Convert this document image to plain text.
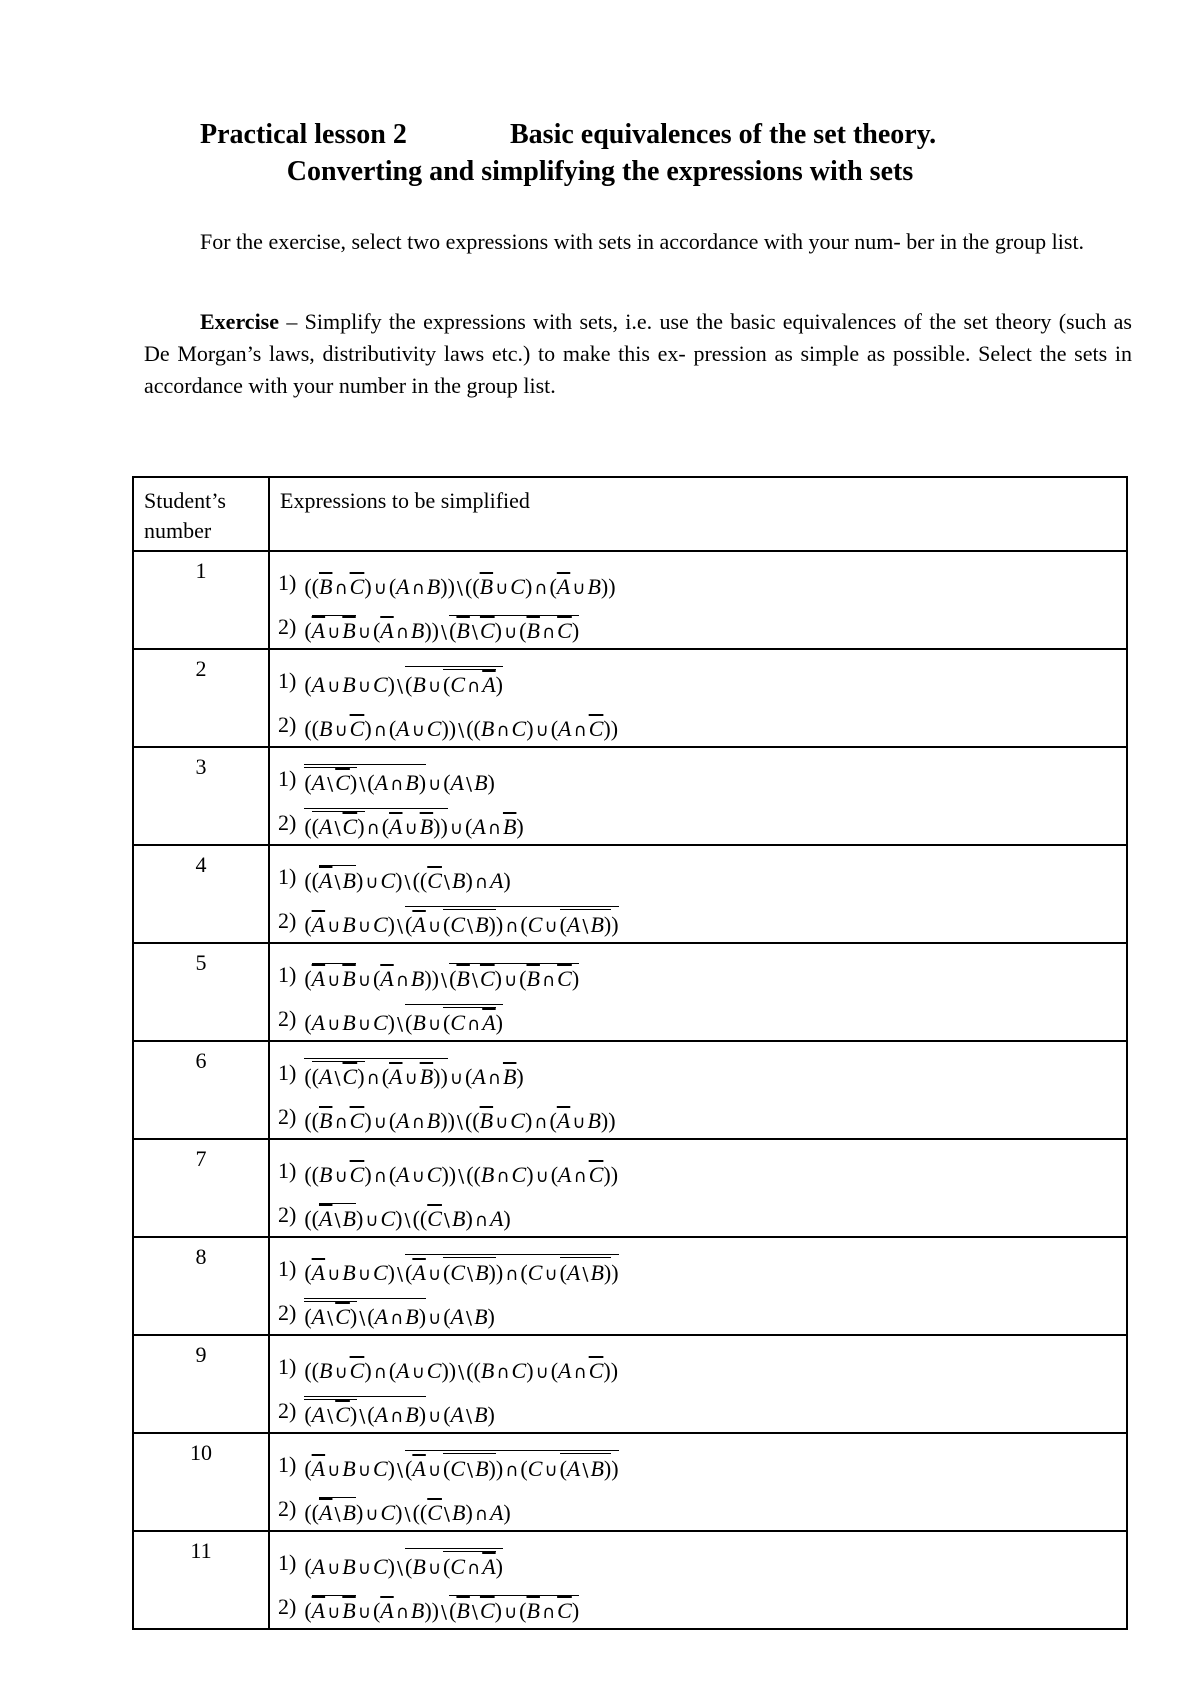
Practical lesson 2	Basic equivalences of the set theory.
Converting and simplifying the expressions with sets

For the exercise, select two expressions with sets in accordance with your num- ber in the group list.

Exercise – Simplify the expressions with sets, i.e. use the basic equivalences of the set theory (such as De Morgan’s laws, distributivity laws etc.) to make this ex- pression as simple as possible. Select the sets in accordance with your number in the group list.

Student’s number	Expressions to be simplified
1	1) (($\overline{B}$ $\cap\overline{C}$) ∪(A ∩B)) $\backslash((\overline{B}$ ∪C) $\cap(\overline{A}$ ∪B))
2) ($\overline{A}$ $\cup\overline{B}$ $\cup(\overline{A}$ ∩B)) $\backslash(\overline{B}$ $\backslash\overline{C}$) $\cup(\overline{B}$ $\cap\overline{C}$)

2	1) (A ∪B ∪C) \(B ∪(C $\cap\overline{A}$)
2) ((B $\cup\overline{C}$) ∩(A ∪C)) \((B ∩C) ∪(A $\cap\overline{C}$))

3	1) (A $\backslash\overline{C}$) \(A ∩B) ∪(A \B)
2) ((A $\backslash\overline{C}$) $\cap(\overline{A}$ $\cup\overline{B}$)) ∪(A $\cap\overline{B}$)

4	1) (($\overline{A}$ \B) ∪C) $\backslash((\overline{C}$ \B) ∩A)
2) ($\overline{A}$ ∪B ∪C) $\backslash(\overline{A}$ ∪(C \B)) ∩(C ∪(A \B))

5	1) ($\overline{A}$ $\cup\overline{B}$ $\cup(\overline{A}$ ∩B)) $\backslash(\overline{B}$ $\backslash\overline{C}$) $\cup(\overline{B}$ $\cap\overline{C}$)
2) (A ∪B ∪C) \(B ∪(C $\cap\overline{A}$)

6	1) ((A $\backslash\overline{C}$) $\cap(\overline{A}$ $\cup\overline{B}$)) ∪(A $\cap\overline{B}$)
2) (($\overline{B}$ $\cap\overline{C}$) ∪(A ∩B)) $\backslash((\overline{B}$ ∪C) $\cap(\overline{A}$ ∪B))

7	1) ((B $\cup\overline{C}$) ∩(A ∪C)) \((B ∩C) ∪(A $\cap\overline{C}$))
2) (($\overline{A}$ \B) ∪C) $\backslash((\overline{C}$ \B) ∩A)

8	1) ($\overline{A}$ ∪B ∪C) $\backslash(\overline{A}$ ∪(C \B)) ∩(C ∪(A \B))
2) (A $\backslash\overline{C}$) \(A ∩B) ∪(A \B)

9	1) ((B $\cup\overline{C}$) ∩(A ∪C)) \((B ∩C) ∪(A $\cap\overline{C}$))
2) (A $\backslash\overline{C}$) \(A ∩B) ∪(A \B)

10	1) ($\overline{A}$ ∪B ∪C) $\backslash(\overline{A}$ ∪(C \B)) ∩(C ∪(A \B))
2) (($\overline{A}$ \B) ∪C) $\backslash((\overline{C}$ \B) ∩A)

11	1) (A ∪B ∪C) \(B ∪(C $\cap\overline{A}$)
2) ($\overline{A}$ $\cup\overline{B}$ $\cup(\overline{A}$ ∩B)) $\backslash(\overline{B}$ $\backslash\overline{C}$) $\cup(\overline{B}$ $\cap\overline{C}$)
